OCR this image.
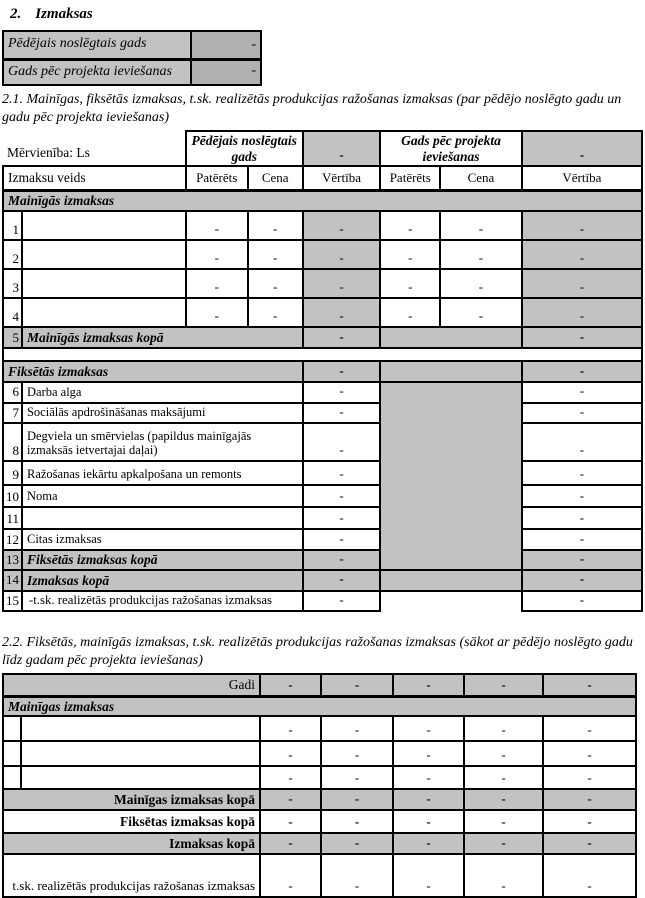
2. Izmaksas
Pēdējais noslēgtais gads	-
Gads pēc projekta ieviešanas	-
2.1. Mainīgas, fiksētās izmaksas, t.sk. realizētās produkcijas ražošanas izmaksas (par pēdējo noslēgto gadu un gadu pēc projekta ieviešanas)
Mērvienība: Ls		Pēdējais noslēgtais gads		-	Gads pēc projekta ieviešanas		-
Izmaksu veids		Patērēts	Cena	Vērtība	Patērēts	Cena	Vērtība
Mainīgās izmaksas							
1		-	-	-	-	-	-
2		-	-	-	-	-	-
3		-	-	-	-	-	-
4		-	-	-	-	-	-
5	Mainīgās izmaksas kopā			-			-

Fiksētās izmaksas				-			-
6	Darba alga			-			-
7	Sociālās apdrošināšanas maksājumi			-			-
8	Degviela un smērvielas (papildus mainīgajās izmaksās ietvertajai daļai)			-			-
9	Ražošanas iekārtu apkalpošana un remonts			-			-
10	Noma			-			-
11				-			-
12	Citas izmaksas			-			-
13	Fiksētās izmaksas kopā			-			-
14	Izmaksas kopā			-			-
15	-t.sk. realizētās produkcijas ražošanas izmaksas			-			-
2.2. Fiksētās, mainīgās izmaksas, t.sk. realizētās produkcijas ražošanas izmaksas (sākot ar pēdējo noslēgto gadu līdz gadam pēc projekta ieviešanas)
Gadi		-	-	-	-	-
Mainīgas izmaksas						
		-	-	-	-	-
		-	-	-	-	-
		-	-	-	-	-
Mainīgas izmaksas kopā		-	-	-	-	-
Fiksētas izmaksas kopā		-	-	-	-	-
Izmaksas kopā		-	-	-	-	-
t.sk. realizētās produkcijas ražošanas izmaksas		-	-	-	-	-
